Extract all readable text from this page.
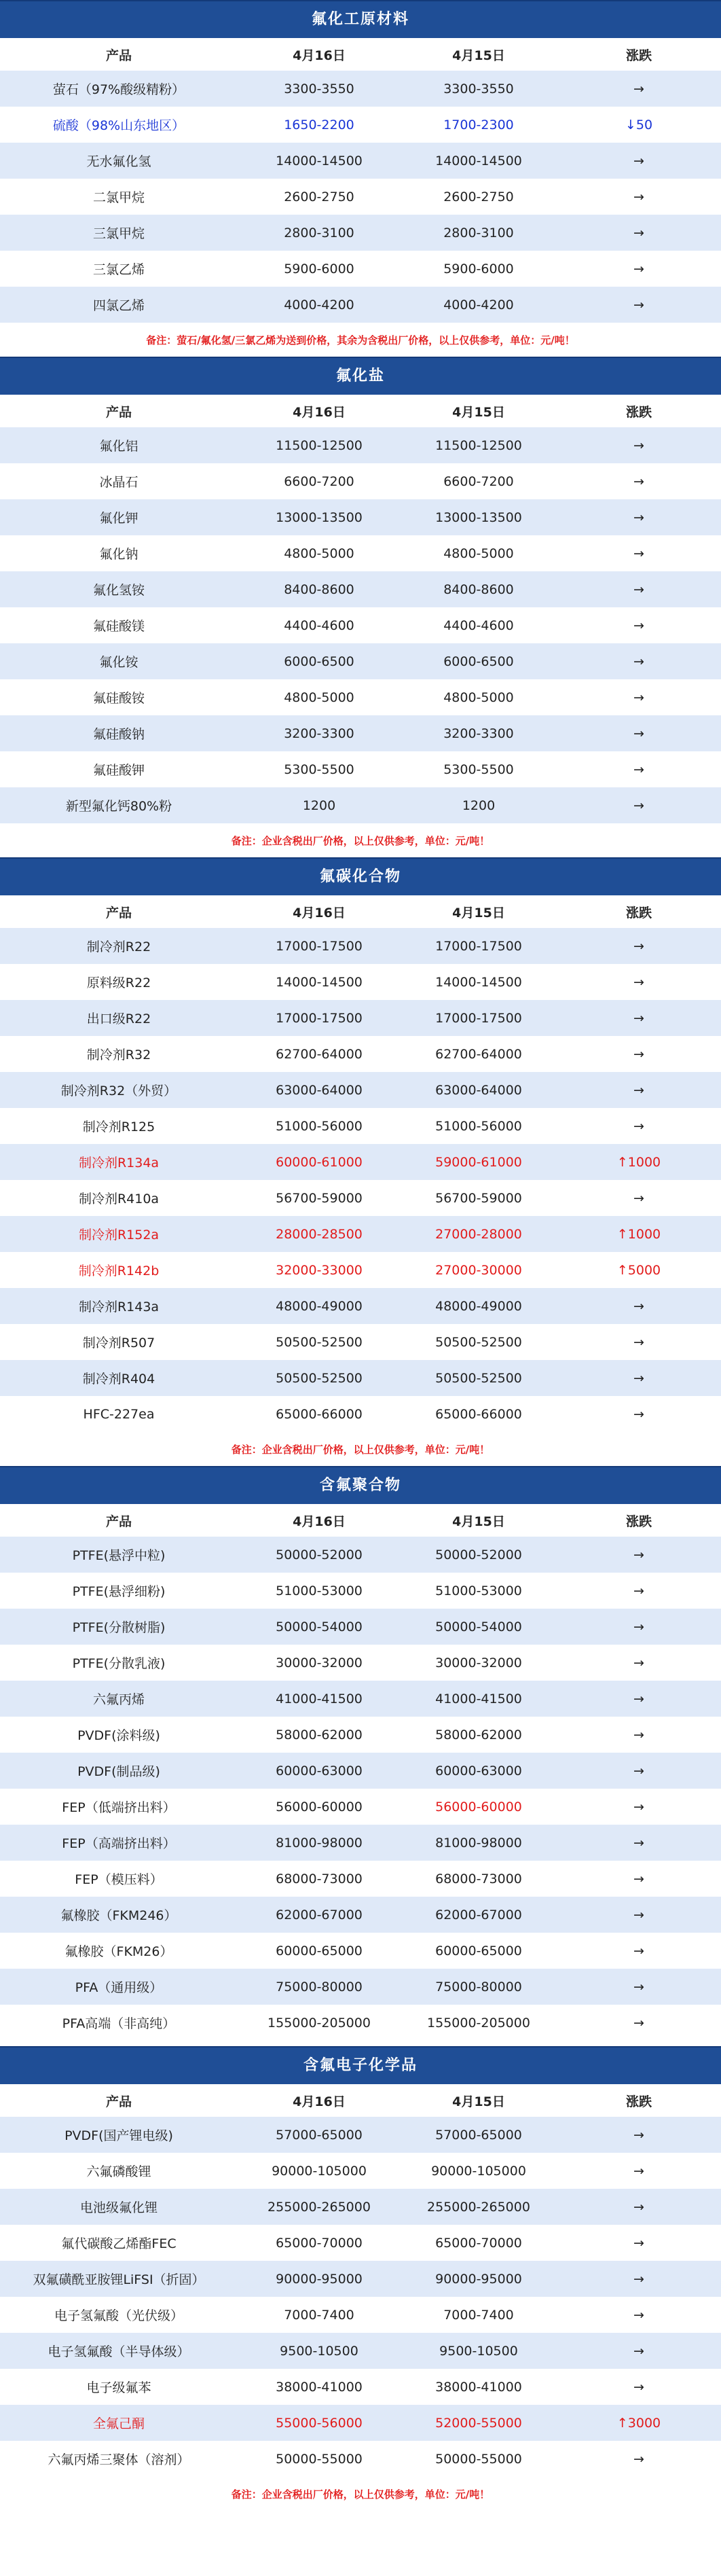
氟化工原材料
产品	4月16日	4月15日	涨跌
萤石（97%酸级精粉）	3300-3550	3300-3550	→
硫酸（98%山东地区）	1650-2200	1700-2300	↓50
无水氟化氢	14000-14500	14000-14500	→
二氯甲烷	2600-2750	2600-2750	→
三氯甲烷	2800-3100	2800-3100	→
三氯乙烯	5900-6000	5900-6000	→
四氯乙烯	4000-4200	4000-4200	→
备注：萤石/氟化氢/三氯乙烯为送到价格，其余为含税出厂价格，以上仅供参考，单位：元/吨！
氟化盐
产品	4月16日	4月15日	涨跌
氟化铝	11500-12500	11500-12500	→
冰晶石	6600-7200	6600-7200	→
氟化钾	13000-13500	13000-13500	→
氟化钠	4800-5000	4800-5000	→
氟化氢铵	8400-8600	8400-8600	→
氟硅酸镁	4400-4600	4400-4600	→
氟化铵	6000-6500	6000-6500	→
氟硅酸铵	4800-5000	4800-5000	→
氟硅酸钠	3200-3300	3200-3300	→
氟硅酸钾	5300-5500	5300-5500	→
新型氟化钙80%粉	1200	1200	→
备注：企业含税出厂价格，以上仅供参考，单位：元/吨！
氟碳化合物
产品	4月16日	4月15日	涨跌
制冷剂R22	17000-17500	17000-17500	→
原料级R22	14000-14500	14000-14500	→
出口级R22	17000-17500	17000-17500	→
制冷剂R32	62700-64000	62700-64000	→
制冷剂R32（外贸）	63000-64000	63000-64000	→
制冷剂R125	51000-56000	51000-56000	→
制冷剂R134a	60000-61000	59000-61000	↑1000
制冷剂R410a	56700-59000	56700-59000	→
制冷剂R152a	28000-28500	27000-28000	↑1000
制冷剂R142b	32000-33000	27000-30000	↑5000
制冷剂R143a	48000-49000	48000-49000	→
制冷剂R507	50500-52500	50500-52500	→
制冷剂R404	50500-52500	50500-52500	→
HFC-227ea	65000-66000	65000-66000	→
备注：企业含税出厂价格，以上仅供参考，单位：元/吨！
含氟聚合物
产品	4月16日	4月15日	涨跌
PTFE(悬浮中粒)	50000-52000	50000-52000	→
PTFE(悬浮细粉)	51000-53000	51000-53000	→
PTFE(分散树脂)	50000-54000	50000-54000	→
PTFE(分散乳液)	30000-32000	30000-32000	→
六氟丙烯	41000-41500	41000-41500	→
PVDF(涂料级)	58000-62000	58000-62000	→
PVDF(制品级)	60000-63000	60000-63000	→
FEP（低端挤出料）	56000-60000	56000-60000	→
FEP（高端挤出料）	81000-98000	81000-98000	→
FEP（模压料）	68000-73000	68000-73000	→
氟橡胶（FKM246）	62000-67000	62000-67000	→
氟橡胶（FKM26）	60000-65000	60000-65000	→
PFA（通用级）	75000-80000	75000-80000	→
PFA高端（非高纯）	155000-205000	155000-205000	→
含氟电子化学品
产品	4月16日	4月15日	涨跌
PVDF(国产锂电级)	57000-65000	57000-65000	→
六氟磷酸锂	90000-105000	90000-105000	→
电池级氟化锂	255000-265000	255000-265000	→
氟代碳酸乙烯酯FEC	65000-70000	65000-70000	→
双氟磺酰亚胺锂LiFSI（折固）	90000-95000	90000-95000	→
电子氢氟酸（光伏级）	7000-7400	7000-7400	→
电子氢氟酸（半导体级）	9500-10500	9500-10500	→
电子级氟苯	38000-41000	38000-41000	→
全氟己酮	55000-56000	52000-55000	↑3000
六氟丙烯三聚体（溶剂）	50000-55000	50000-55000	→
备注：企业含税出厂价格，以上仅供参考，单位：元/吨！
